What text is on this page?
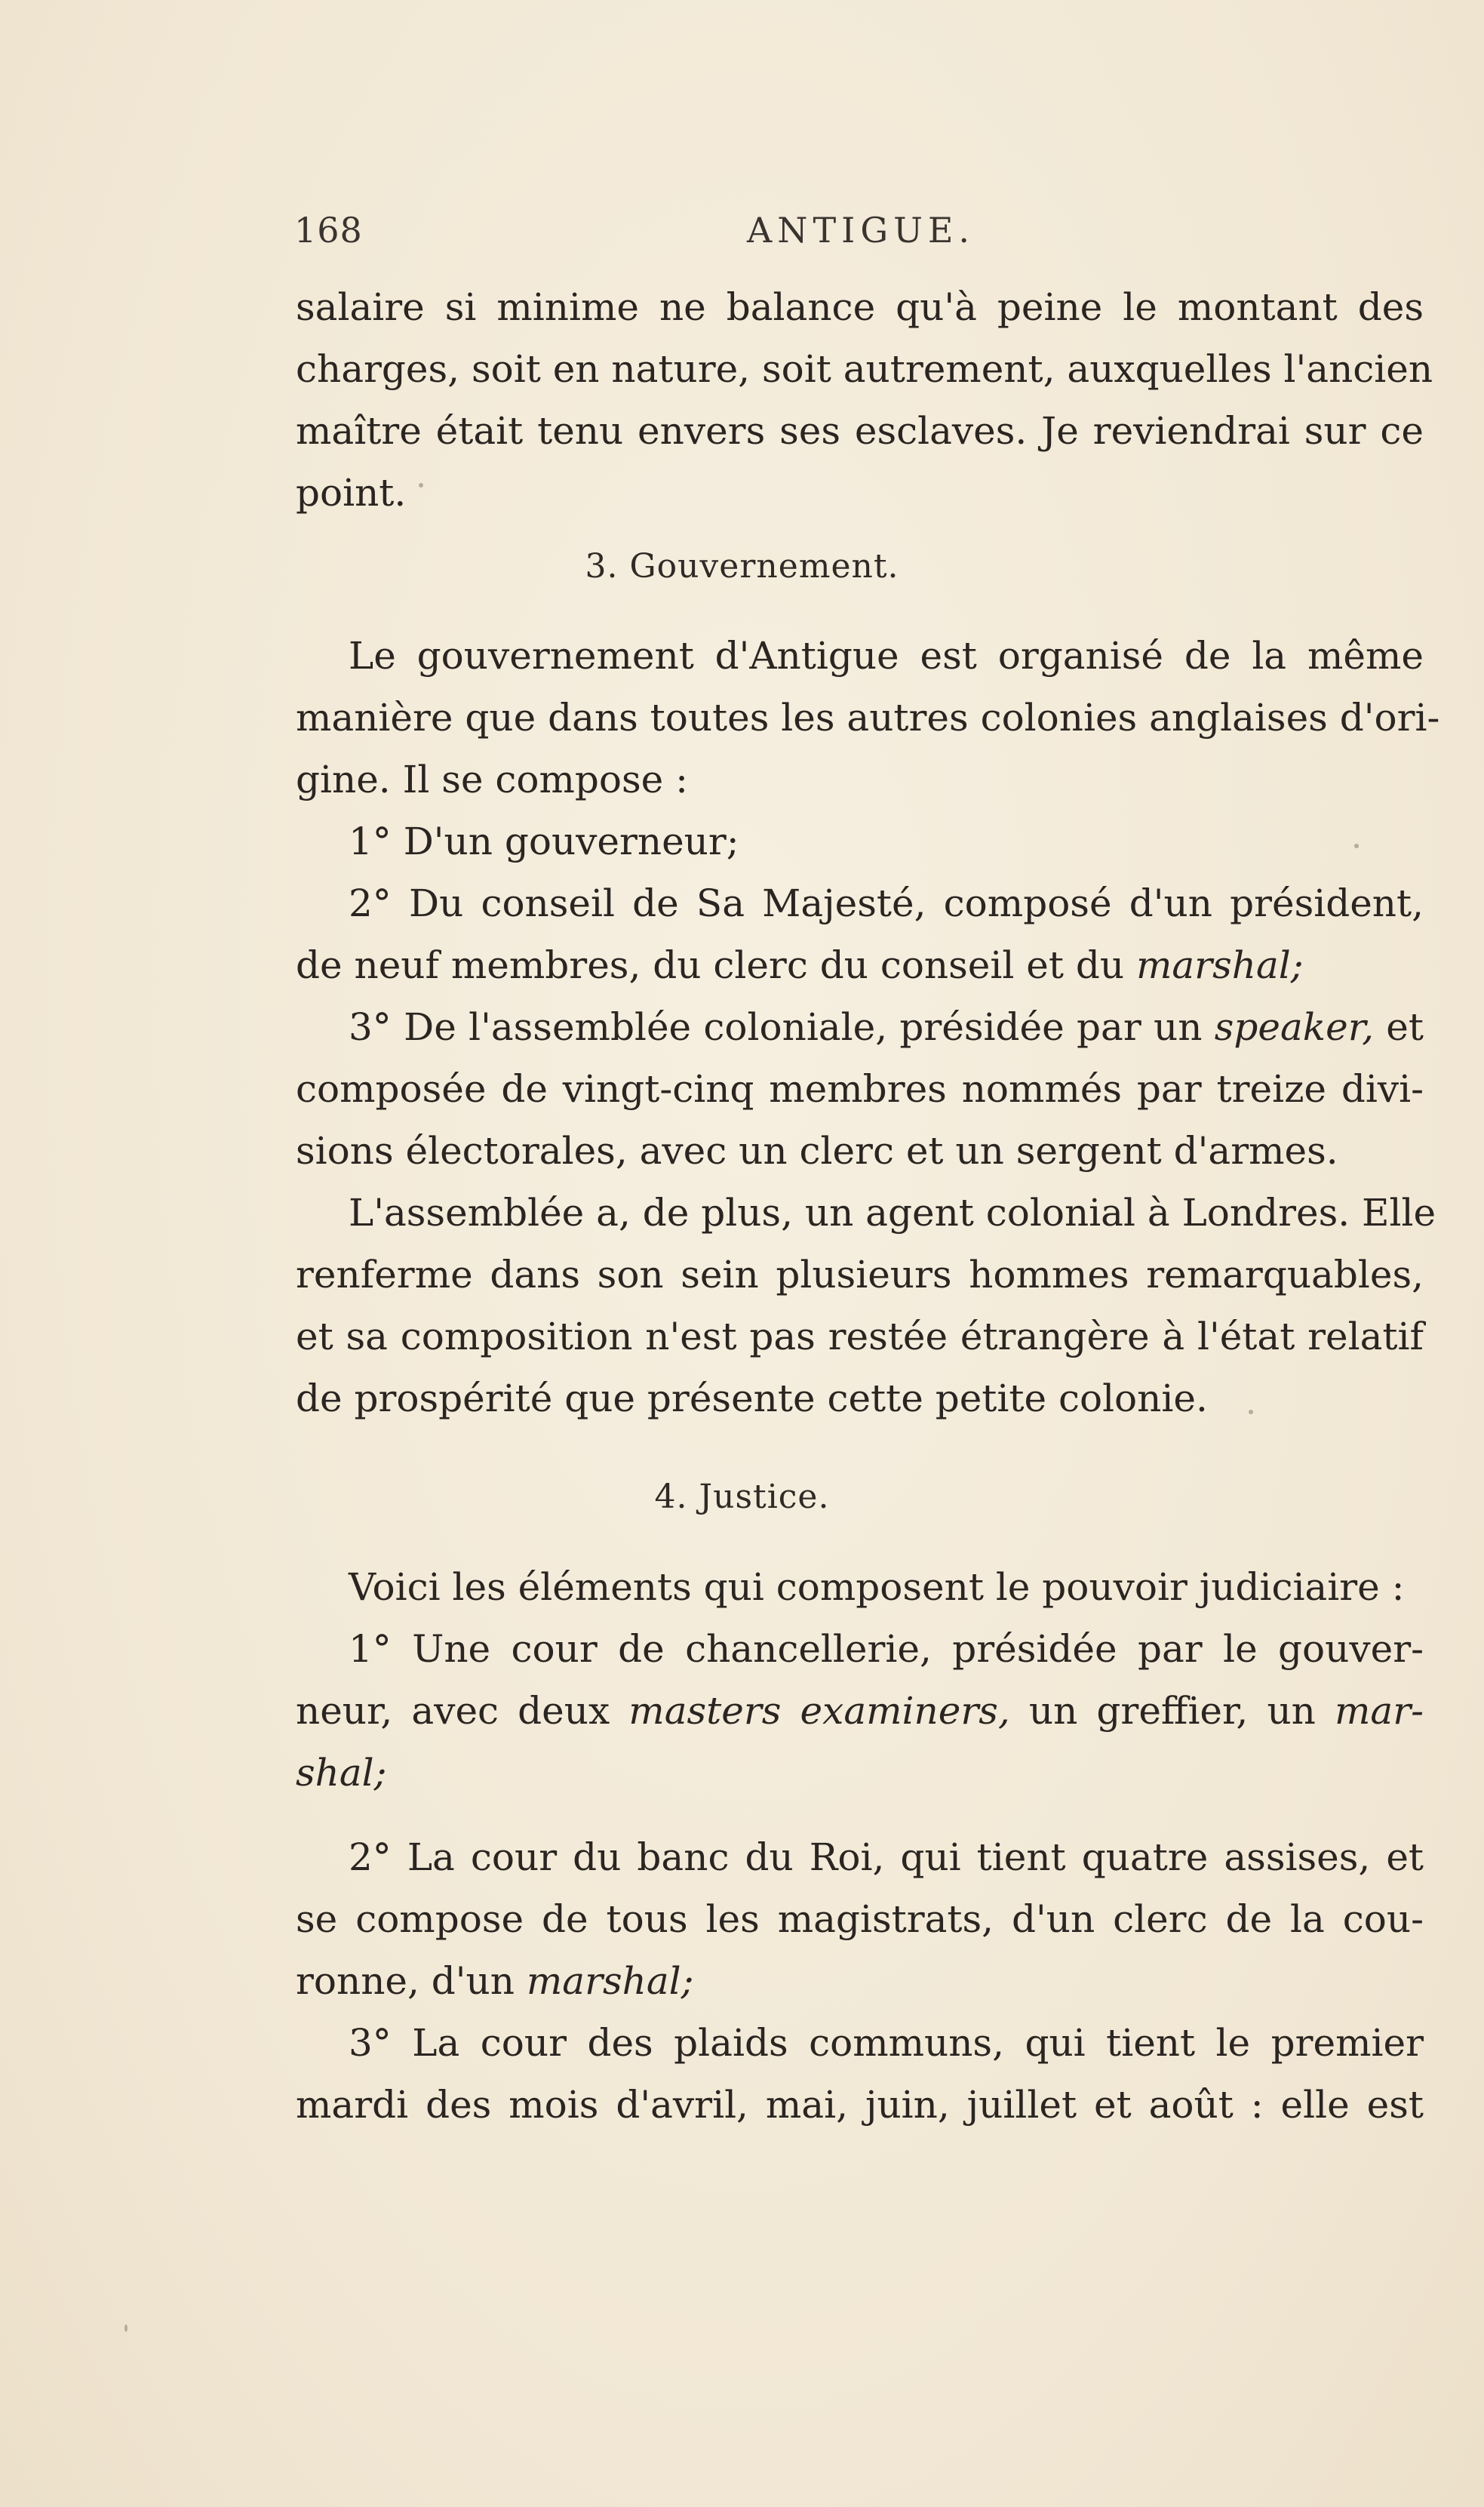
168	ANTIGUE.
salaire si minime ne balance qu'à peine le montant des
charges, soit en nature, soit autrement, auxquelles l'ancien
maître était tenu envers ses esclaves. Je reviendrai sur ce
point.
3. Gouvernement.
Le gouvernement d'Antigue est organisé de la même
manière que dans toutes les autres colonies anglaises d'ori-
gine. Il se compose :
1° D'un gouverneur;
2° Du conseil de Sa Majesté, composé d'un président,
de neuf membres, du clerc du conseil et du marshal;
3° De l'assemblée coloniale, présidée par un speaker, et
composée de vingt-cinq membres nommés par treize divi-
sions électorales, avec un clerc et un sergent d'armes.
L'assemblée a, de plus, un agent colonial à Londres. Elle
renferme dans son sein plusieurs hommes remarquables,
et sa composition n'est pas restée étrangère à l'état relatif
de prospérité que présente cette petite colonie.
4. Justice.
Voici les éléments qui composent le pouvoir judiciaire :
1° Une cour de chancellerie, présidée par le gouver-
neur, avec deux masters examiners, un greffier, un mar-
shal;
2° La cour du banc du Roi, qui tient quatre assises, et
se compose de tous les magistrats, d'un clerc de la cou-
ronne, d'un marshal;
3° La cour des plaids communs, qui tient le premier
mardi des mois d'avril, mai, juin, juillet et août : elle est
